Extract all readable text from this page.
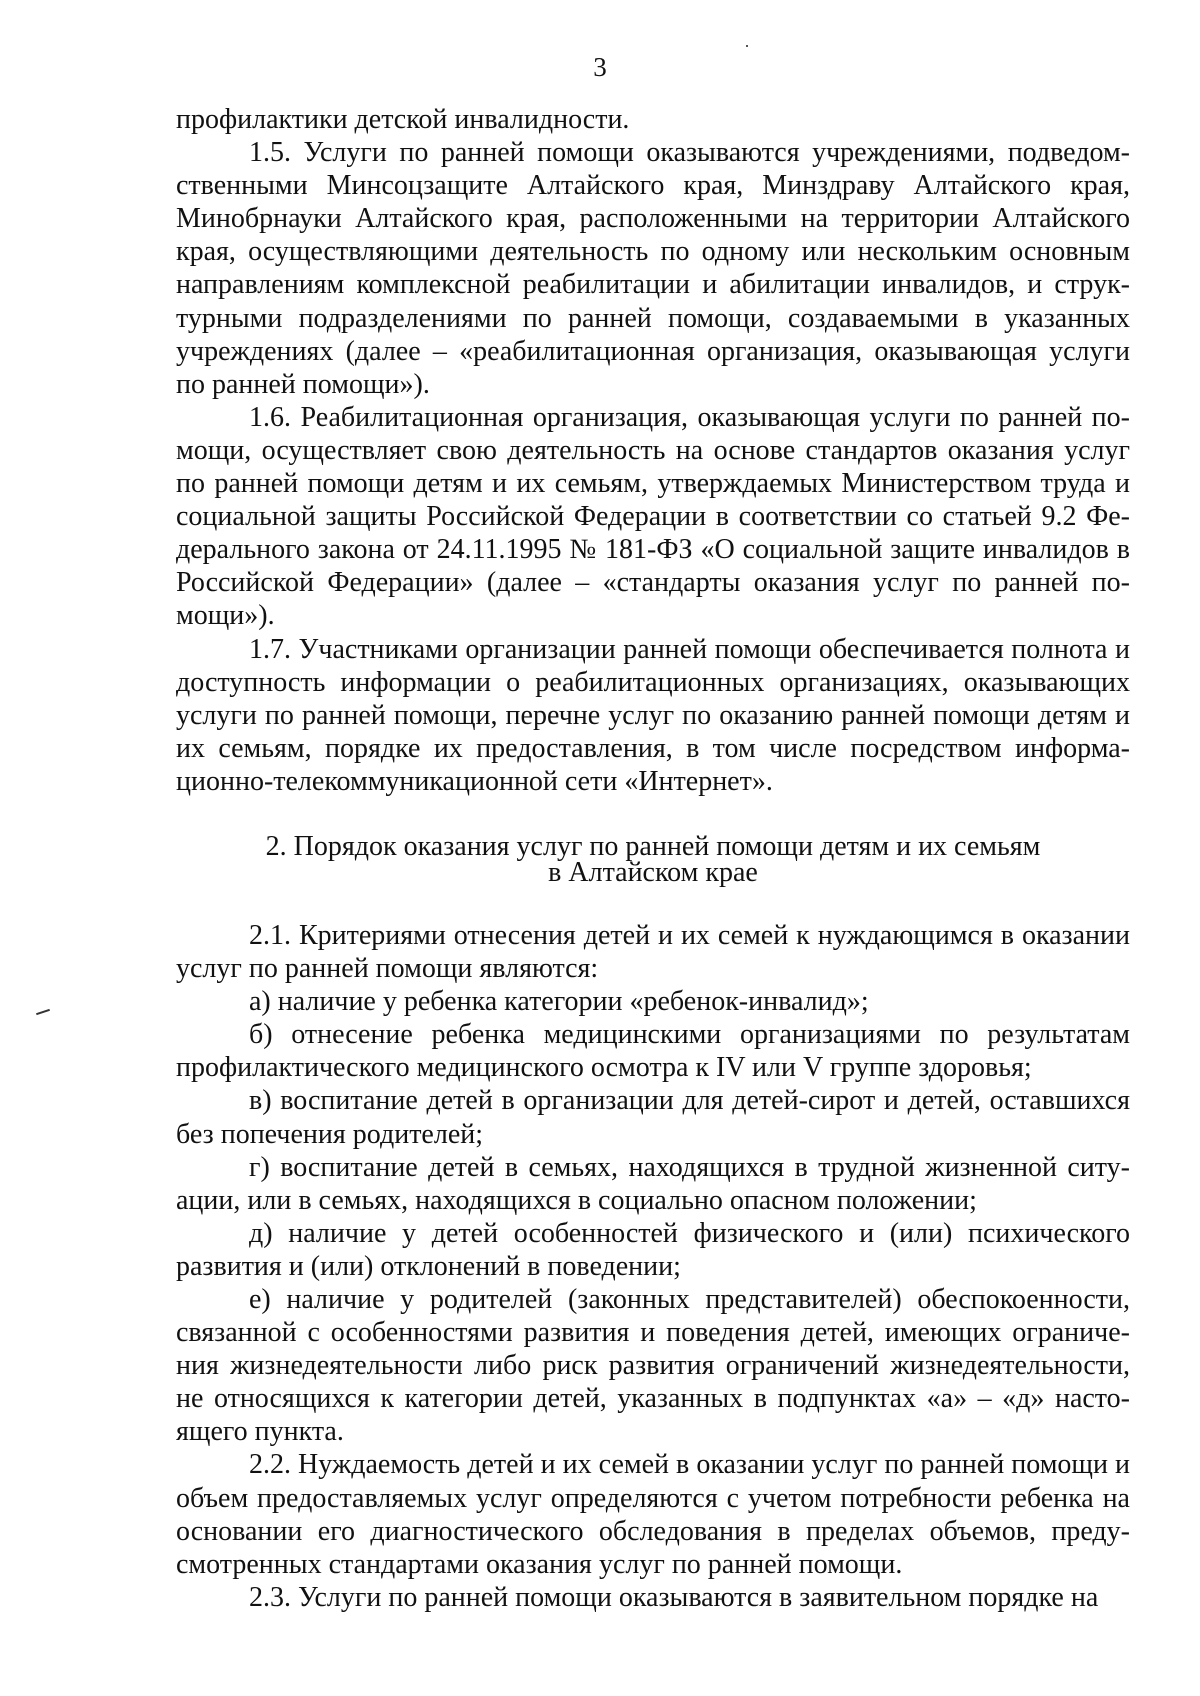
3

профилактики детской инвалидности.

1.5. Услуги по ранней помощи оказываются учреждениями, подведомственными Минсоцзащите Алтайского края, Минздраву Алтайского края, Минобрнауки Алтайского края, расположенными на территории Алтайского края, осуществляющими деятельность по одному или нескольким основным направлениям комплексной реабилитации и абилитации инвалидов, и структурными подразделениями по ранней помощи, создаваемыми в указанных учреждениях (далее – «реабилитационная организация, оказывающая услуги по ранней помощи»).

1.6. Реабилитационная организация, оказывающая услуги по ранней помощи, осуществляет свою деятельность на основе стандартов оказания услуг по ранней помощи детям и их семьям, утверждаемых Министерством труда и социальной защиты Российской Федерации в соответствии со статьей 9.2 Федерального закона от 24.11.1995 № 181-ФЗ «О социальной защите инвалидов в Российской Федерации» (далее – «стандарты оказания услуг по ранней помощи»).

1.7. Участниками организации ранней помощи обеспечивается полнота и доступность информации о реабилитационных организациях, оказывающих услуги по ранней помощи, перечне услуг по оказанию ранней помощи детям и их семьям, порядке их предоставления, в том числе посредством информационно-телекоммуникационной сети «Интернет».

2. Порядок оказания услуг по ранней помощи детям и их семьям
в Алтайском крае

2.1. Критериями отнесения детей и их семей к нуждающимся в оказании услуг по ранней помощи являются:

а) наличие у ребенка категории «ребенок-инвалид»;

б) отнесение ребенка медицинскими организациями по результатам профилактического медицинского осмотра к IV или V группе здоровья;

в) воспитание детей в организации для детей-сирот и детей, оставшихся без попечения родителей;

г) воспитание детей в семьях, находящихся в трудной жизненной ситуации, или в семьях, находящихся в социально опасном положении;

д) наличие у детей особенностей физического и (или) психического развития и (или) отклонений в поведении;

е) наличие у родителей (законных представителей) обеспокоенности, связанной с особенностями развития и поведения детей, имеющих ограничения жизнедеятельности либо риск развития ограничений жизнедеятельности, не относящихся к категории детей, указанных в подпунктах «а» – «д» настоящего пункта.

2.2. Нуждаемость детей и их семей в оказании услуг по ранней помощи и объем предоставляемых услуг определяются с учетом потребности ребенка на основании его диагностического обследования в пределах объемов, предусмотренных стандартами оказания услуг по ранней помощи.

2.3. Услуги по ранней помощи оказываются в заявительном порядке на
